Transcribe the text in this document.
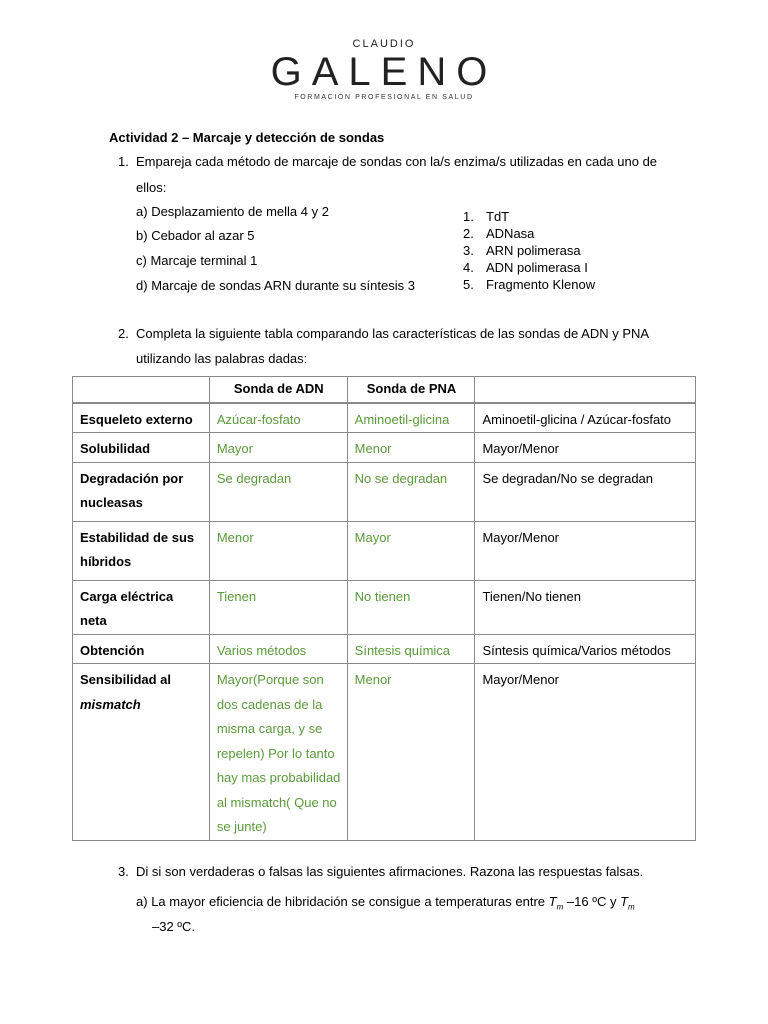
CLAUDIO
GALENO
FORMACIÓN PROFESIONAL EN SALUD
Actividad 2 – Marcaje y detección de sondas
1. Empareja cada método de marcaje de sondas con la/s enzima/s utilizadas en cada uno de
ellos:
a) Desplazamiento de mella 4 y 2
b) Cebador al azar 5
c) Marcaje terminal 1
d) Marcaje de sondas ARN durante su síntesis 3
1. TdT
2. ADNasa
3. ARN polimerasa
4. ADN polimerasa I
5. Fragmento Klenow
2. Completa la siguiente tabla comparando las características de las sondas de ADN y PNA
utilizando las palabras dadas:
	Sonda de ADN	Sonda de PNA	
Esqueleto externo	Azúcar-fosfato	Aminoetil-glicina	Aminoetil-glicina / Azúcar-fosfato
Solubilidad	Mayor	Menor	Mayor/Menor
Degradación por nucleasas	Se degradan	No se degradan	Se degradan/No se degradan
Estabilidad de sus híbridos	Menor	Mayor	Mayor/Menor
Carga eléctrica neta	Tienen	No tienen	Tienen/No tienen
Obtención	Varios métodos	Síntesis química	Síntesis química/Varios métodos
Sensibilidad al
mismatch	Mayor(Porque son dos cadenas de la misma carga, y se repelen) Por lo tanto hay mas probabilidad al mismatch( Que no se junte)	Menor	Mayor/Menor
3. Di si son verdaderas o falsas las siguientes afirmaciones. Razona las respuestas falsas.
a) La mayor eficiencia de hibridación se consigue a temperaturas entre $T_m$ –16 ºC y $T_m$
–32 ºC.
